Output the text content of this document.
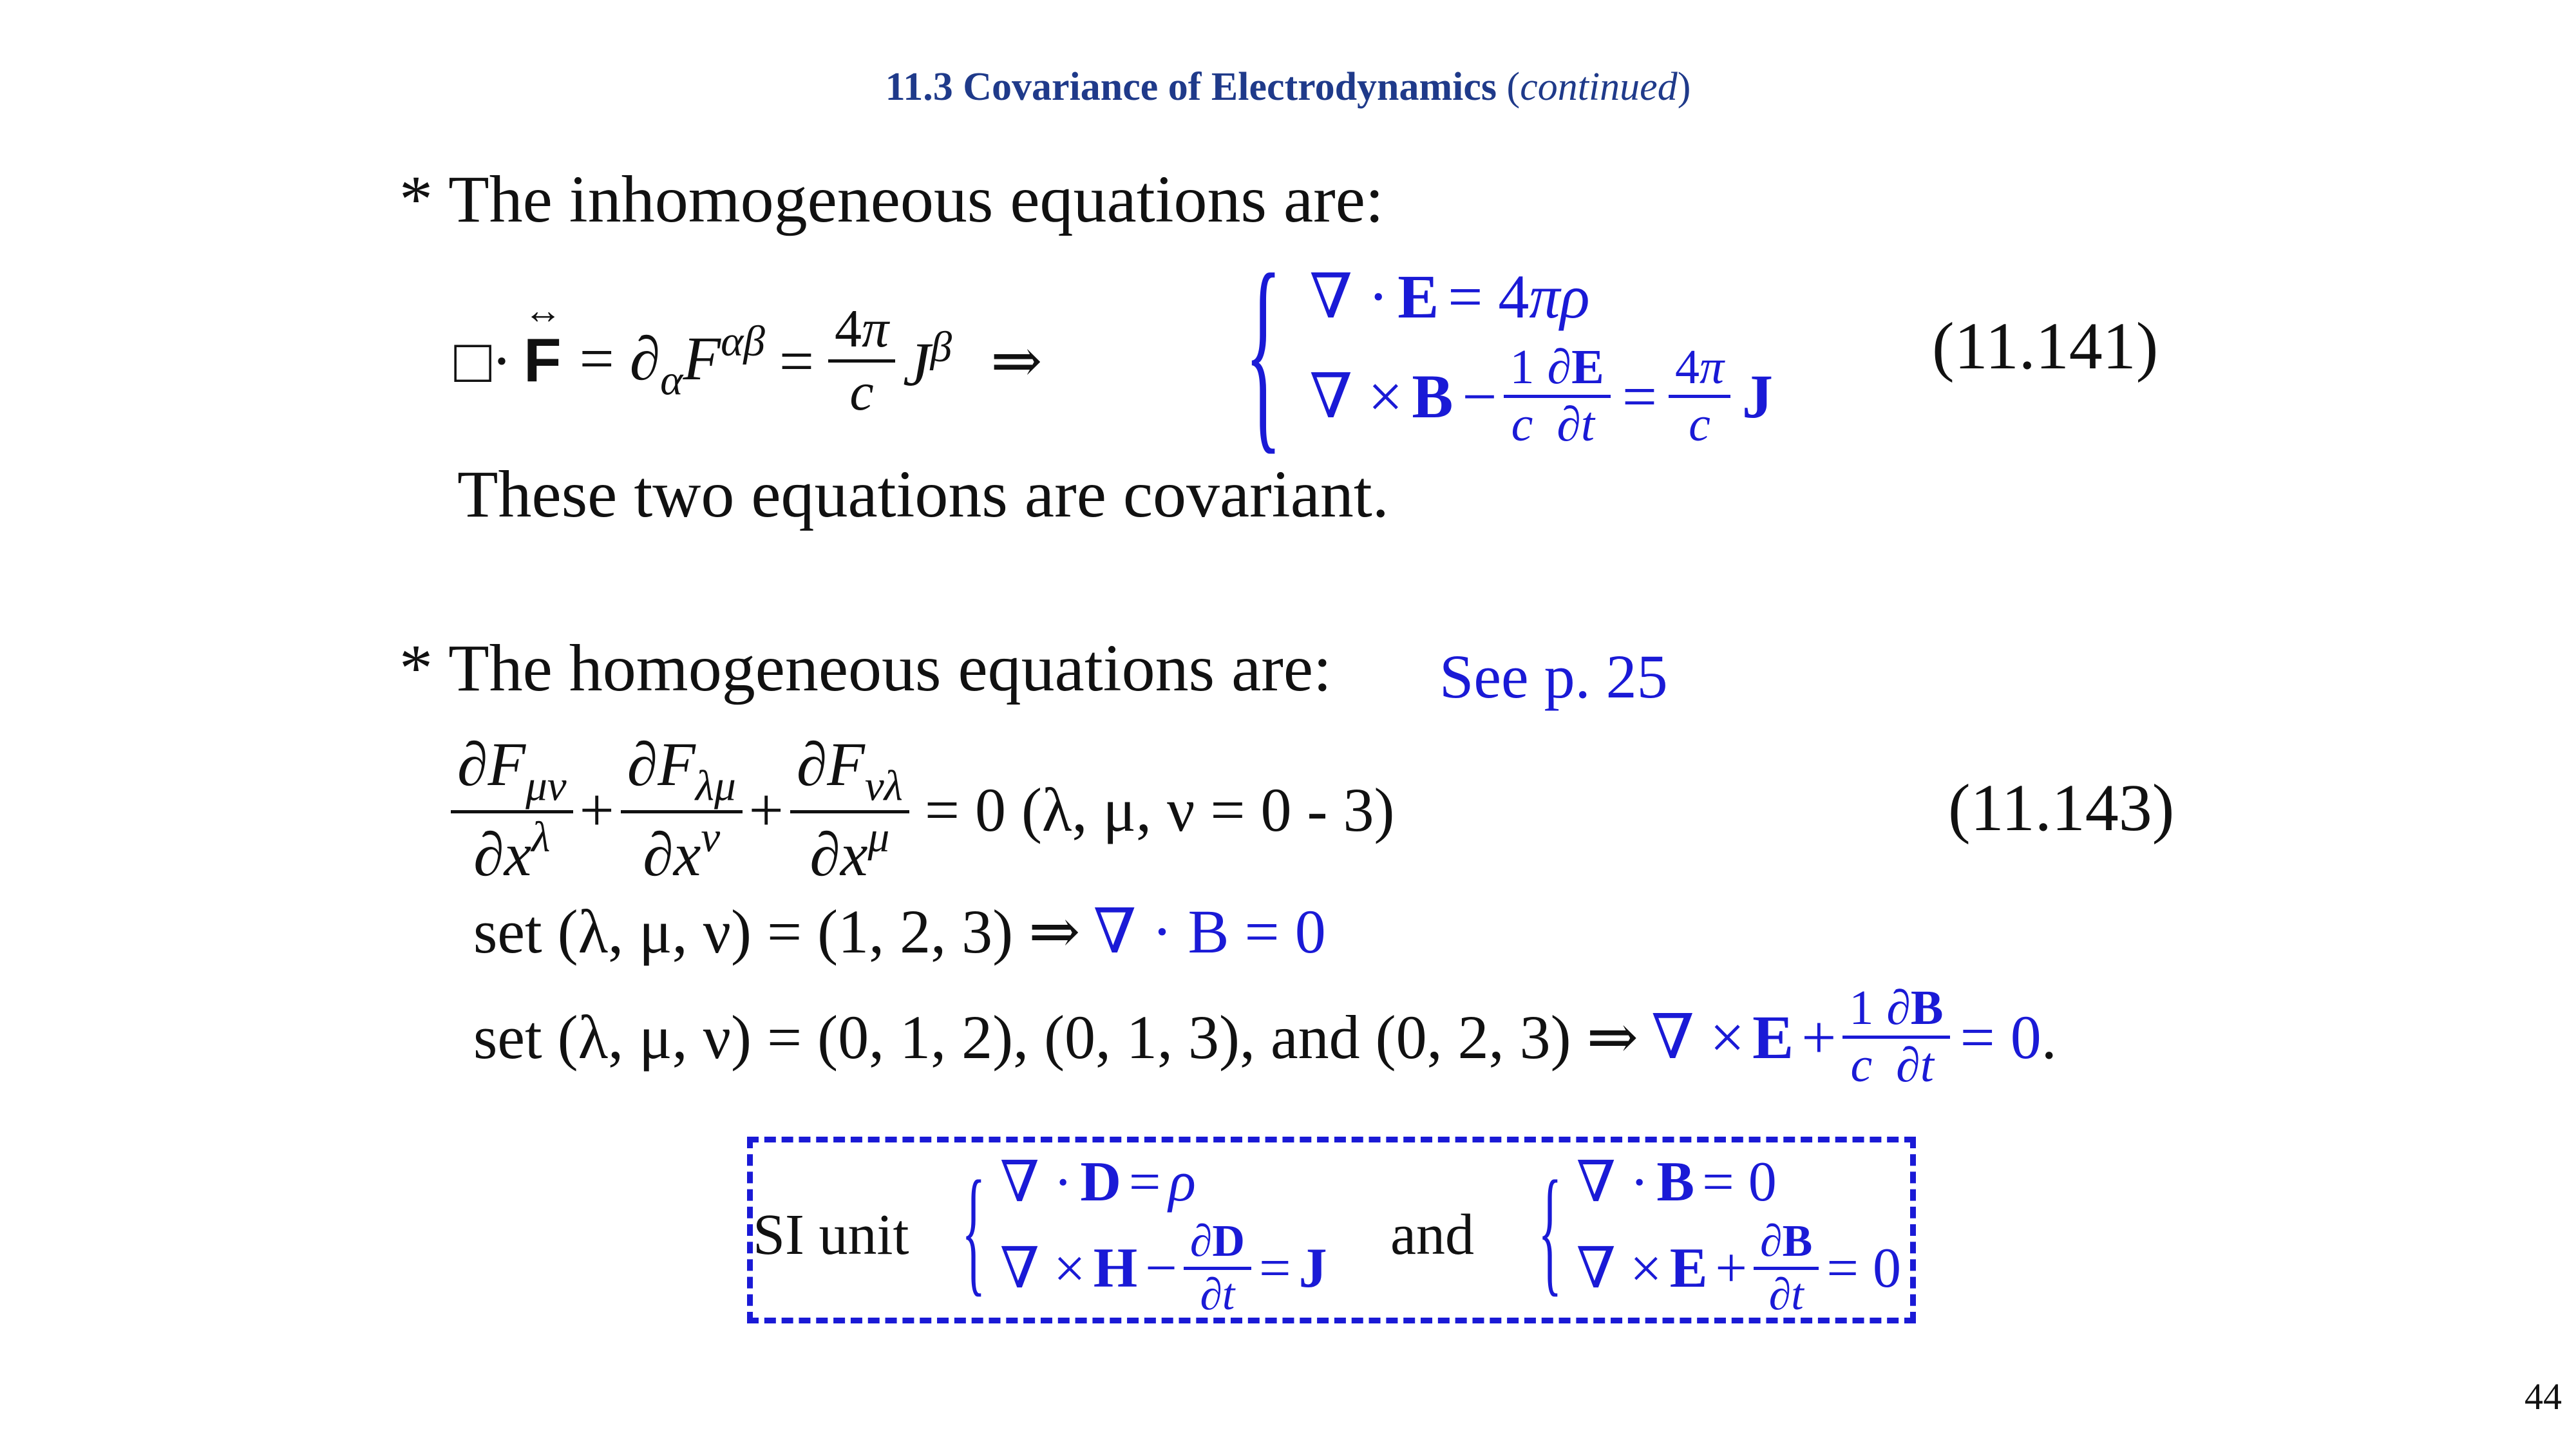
11.3 Covariance of Electrodynamics (continued)
* The inhomogeneous equations are:
□ ·
↔
$F = \partial_\alpha F^{\alpha\beta} = \frac{4\pi}{c} J^\beta$ ⇒ { ∇ · E = 4 πρ
∇ × $B - \frac{1}{c} \frac{\partial E}{\partial t} = \frac{4\pi}{c}$ J
(11.141)
These two equations are covariant.
* The homogeneous equations are: See p. 25
$\frac{\partial F_{\mu\nu}}{\partial x^\lambda} + \frac{\partial F_{\lambda\mu}}{\partial x^\nu} + \frac{\partial F_{\nu\lambda}}{\partial x^\mu} = 0$ (λ, μ, ν = 0 - 3)	(11.143)
set (λ, μ, ν) = (1, 2, 3) ⇒ ∇ · B = 0
set (λ, μ, ν) = (0, 1, 2), (0, 1, 3), and (0, 2, 3) ⇒ ∇ × $E + \frac{1}{c} \frac{\partial B}{\partial t} = 0$ .
SI unit { ∇ · D = ρ
∇ × $H - \frac{\partial D}{\partial t} = J$
and { ∇ · B = 0
∇ × $E + \frac{\partial B}{\partial t} = 0$
44
